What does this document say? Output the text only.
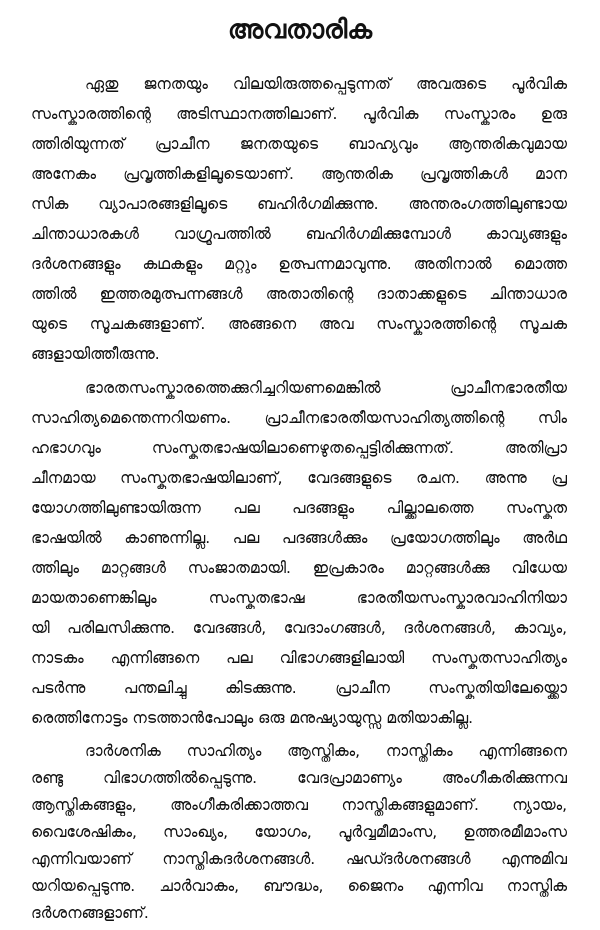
അവതാരിക
ഏതു ജനതയും വിലയിരുത്തപ്പെടുന്നത് അവരുടെ പൂർവിക
സംസ്കാരത്തിന്റെ അടിസ്ഥാനത്തിലാണ്. പൂർവിക സംസ്കാരം ഉരു
ത്തിരിയുന്നത് പ്രാചീന ജനതയുടെ ബാഹ്യവും ആന്തരികവുമായ
അനേകം പ്രവൃത്തികളിലൂടെയാണ്. ആന്തരിക പ്രവൃത്തികൾ മാന
സിക വ്യാപാരങ്ങളിലൂടെ ബഹിർഗമിക്കുന്നു. അന്തരംഗത്തിലുണ്ടായ
ചിന്താധാരകൾ വാഗ്രൂപത്തിൽ ബഹിർഗമിക്കുമ്പോൾ കാവ്യങ്ങളും
ദർശനങ്ങളും കഥകളും മറ്റും ഉത്പന്നമാവുന്നു. അതിനാൽ മൊത്ത
ത്തിൽ ഇത്തരമുത്പന്നങ്ങൾ അതാതിന്റെ ദാതാക്കളുടെ ചിന്താധാര
യുടെ സൂചകങ്ങളാണ്. അങ്ങനെ അവ സംസ്കാരത്തിന്റെ സൂചക
ങ്ങളായിത്തീരുന്നു.
ഭാരതസംസ്കാരത്തെക്കുറിച്ചറിയണമെങ്കിൽ പ്രാചീനഭാരതീയ
സാഹിത്യമെന്തെന്നറിയണം. പ്രാചീനഭാരതീയസാഹിത്യത്തിന്റെ സിം
ഹഭാഗവും സംസ്കൃതഭാഷയിലാണെഴുതപ്പെട്ടിരിക്കുന്നത്. അതിപ്രാ
ചീനമായ സംസ്കൃതഭാഷയിലാണ്, വേദങ്ങളുടെ രചന. അന്നു പ്ര
യോഗത്തിലുണ്ടായിരുന്ന പല പദങ്ങളും പില്ക്കാലത്തെ സംസ്കൃത
ഭാഷയിൽ കാണുന്നില്ല. പല പദങ്ങൾക്കും പ്രയോഗത്തിലും അർഥ
ത്തിലും മാറ്റങ്ങൾ സംജാതമായി. ഇപ്രകാരം മാറ്റങ്ങൾക്കു വിധേയ
മായതാണെങ്കിലും സംസ്കൃതഭാഷ ഭാരതീയസംസ്കാരവാഹിനിയാ
യി പരിലസിക്കുന്നു. വേദങ്ങൾ, വേദാംഗങ്ങൾ, ദർശനങ്ങൾ, കാവ്യം,
നാടകം എന്നിങ്ങനെ പല വിഭാഗങ്ങളിലായി സംസ്കൃതസാഹിത്യം
പടർന്നു പന്തലിച്ചു കിടക്കുന്നു. പ്രാചീന സംസ്കൃതിയിലേയ്ക്കൊ
രെത്തിനോട്ടം നടത്താൻപോലും ഒരു മനുഷ്യായുസ്സു മതിയാകില്ല.
ദാർശനിക സാഹിത്യം ആസ്തികം, നാസ്തികം എന്നിങ്ങനെ
രണ്ടു വിഭാഗത്തിൽപ്പെടുന്നു. വേദപ്രാമാണ്യം അംഗീകരിക്കുന്നവ
ആസ്തികങ്ങളും, അംഗീകരിക്കാത്തവ നാസ്തികങ്ങളുമാണ്. ന്യായം,
വൈശേഷികം, സാംഖ്യം, യോഗം, പൂർവ്വമീമാംസ, ഉത്തരമീമാംസ
എന്നിവയാണ് നാസ്തികദർശനങ്ങൾ. ഷഡ്ദർശനങ്ങൾ എന്നുമിവ
യറിയപ്പെടുന്നു. ചാർവാകം, ബൗദ്ധം, ജൈനം എന്നിവ നാസ്തിക
ദർശനങ്ങളാണ്.
